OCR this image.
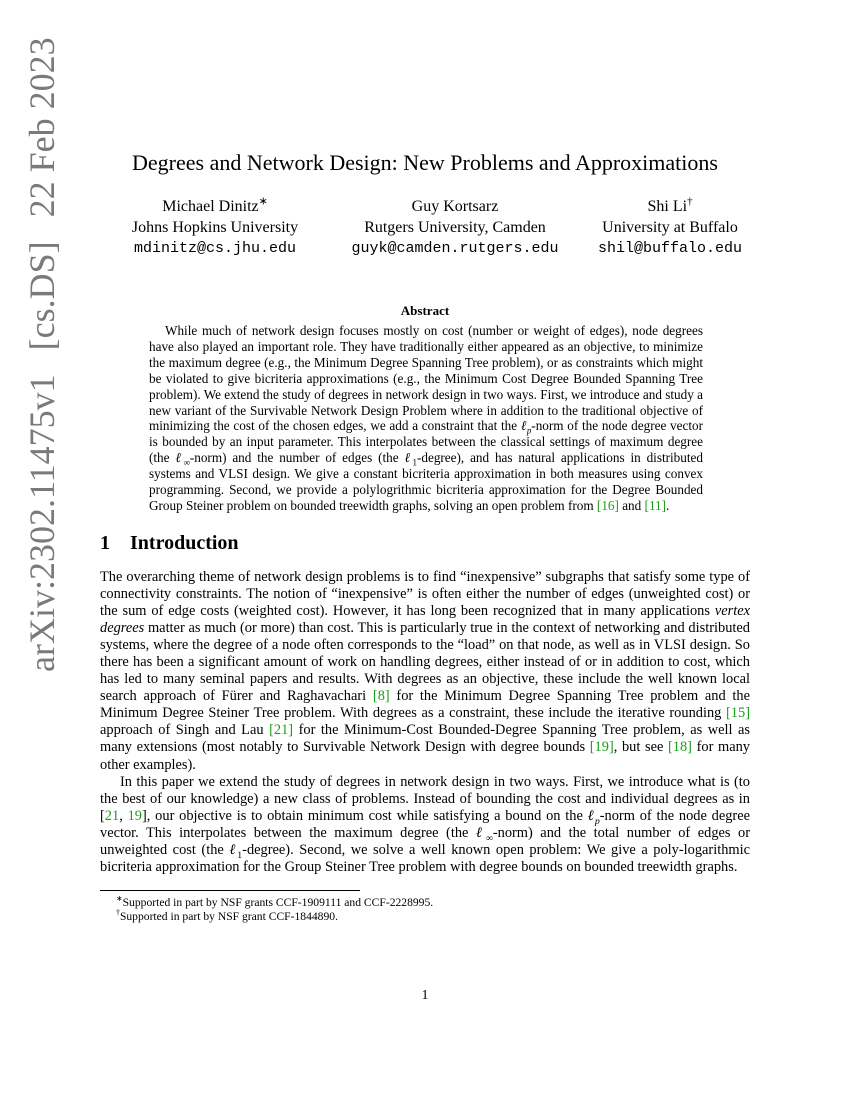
arXiv:2302.11475v1
[cs.DS]
22 Feb 2023	Degrees and Network Design: New Problems and Approximations
Michael Dinitz∗
Johns Hopkins University
mdinitz@cs.jhu.edu
Guy Kortsarz
Rutgers University, Camden
guyk@camden.rutgers.edu
Shi Li†
University at Buffalo
shil@buffalo.edu
Abstract

While much of network design focuses mostly on cost (number or weight of edges), node degrees have also played an important role. They have traditionally either appeared as an objective, to minimize the maximum degree (e.g., the Minimum Degree Spanning Tree problem), or as constraints which might be violated to give bicriteria approximations (e.g., the Minimum Cost Degree Bounded Spanning Tree problem). We extend the study of degrees in network design in two ways. First, we introduce and study a new variant of the Survivable Network Design Problem where in addition to the traditional objective of minimizing the cost of the chosen edges, we add a constraint that the ℓ$_p$-norm of the node degree vector is bounded by an input parameter. This interpolates between the classical settings of maximum degree (the ℓ$_\infty$-norm) and the number of edges (the ℓ$_1$-degree), and has natural applications in distributed systems and VLSI design. We give a constant bicriteria approximation in both measures using convex programming. Second, we provide a polylogrithmic bicriteria approximation for the Degree Bounded Group Steiner problem on bounded treewidth graphs, solving an open problem from [16] and [11].

1 Introduction

The overarching theme of network design problems is to find “inexpensive” subgraphs that satisfy some type of connectivity constraints. The notion of “inexpensive” is often either the number of edges (unweighted cost) or the sum of edge costs (weighted cost). However, it has long been recognized that in many applications vertex degrees matter as much (or more) than cost. This is particularly true in the context of networking and distributed systems, where the degree of a node often corresponds to the “load” on that node, as well as in VLSI design. So there has been a significant amount of work on handling degrees, either instead of or in addition to cost, which has led to many seminal papers and results. With degrees as an objective, these include the well known local search approach of Fürer and Raghavachari [8] for the Minimum Degree Spanning Tree problem and the Minimum Degree Steiner Tree problem. With degrees as a constraint, these include the iterative rounding [15] approach of Singh and Lau [21] for the Minimum-Cost Bounded-Degree Spanning Tree problem, as well as many extensions (most notably to Survivable Network Design with degree bounds [19], but see [18] for many other examples).

In this paper we extend the study of degrees in network design in two ways. First, we introduce what is (to the best of our knowledge) a new class of problems. Instead of bounding the cost and individual degrees as in [21, 19], our objective is to obtain minimum cost while satisfying a bound on the ℓ$_p$-norm of the node degree vector. This interpolates between the maximum degree (the ℓ$_\infty$-norm) and the total number of edges or unweighted cost (the ℓ$_1$-degree). Second, we solve a well known open problem: We give a poly-logarithmic bicriteria approximation for the Group Steiner Tree problem with degree bounds on bounded treewidth graphs.

∗Supported in part by NSF grants CCF-1909111 and CCF-2228995.
†Supported in part by NSF grant CCF-1844890.
1
